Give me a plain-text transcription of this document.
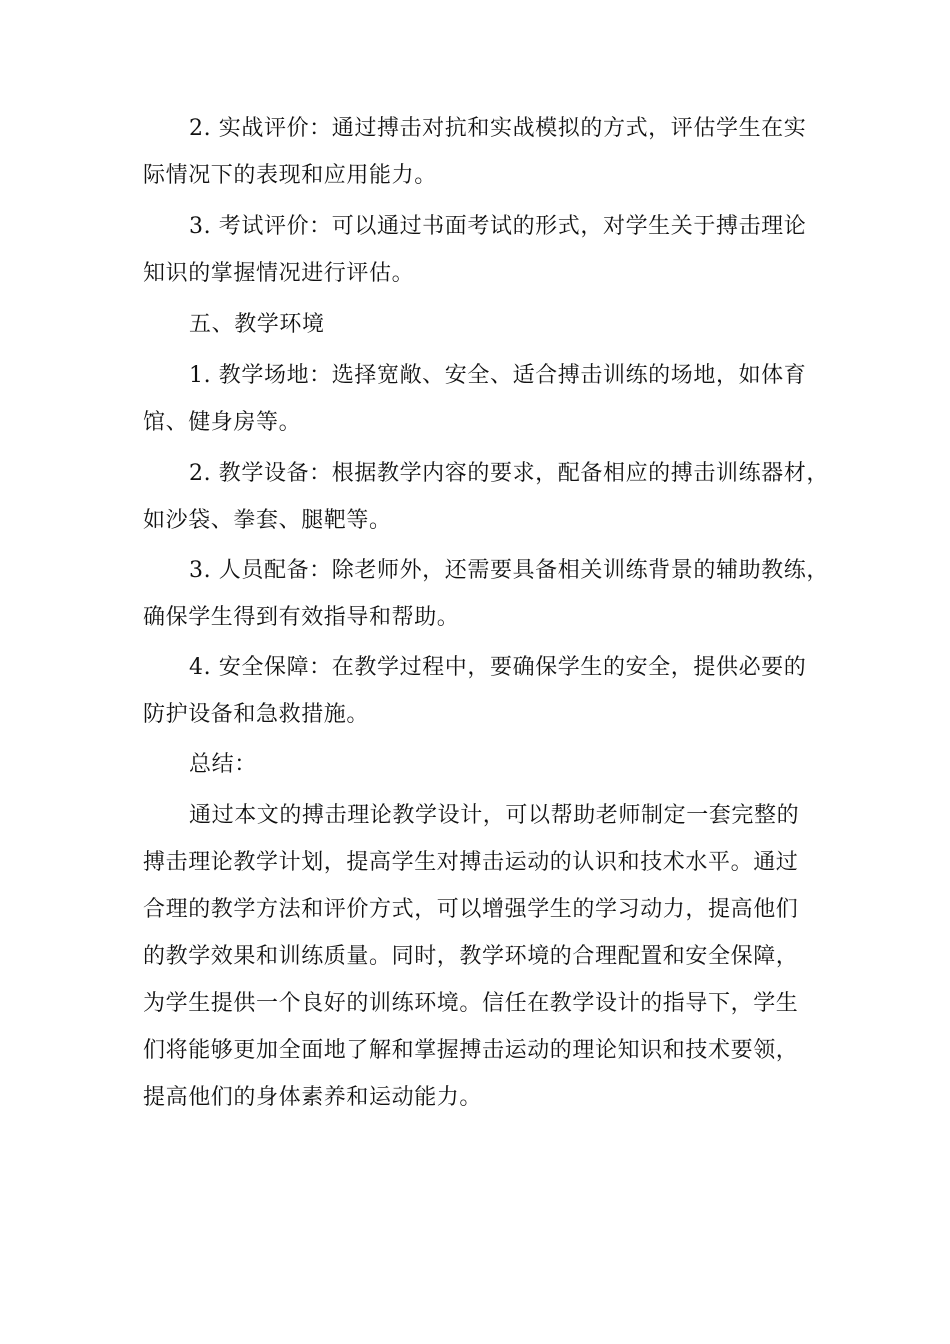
2. 实战评价：通过搏击对抗和实战模拟的方式，评估学生在实
际情况下的表现和应用能力。

3. 考试评价：可以通过书面考试的形式，对学生关于搏击理论
知识的掌握情况进行评估。

五、教学环境

1. 教学场地：选择宽敞、安全、适合搏击训练的场地，如体育
馆、健身房等。

2. 教学设备：根据教学内容的要求，配备相应的搏击训练器材，
如沙袋、拳套、腿靶等。

3. 人员配备：除老师外，还需要具备相关训练背景的辅助教练，
确保学生得到有效指导和帮助。

4. 安全保障：在教学过程中，要确保学生的安全，提供必要的
防护设备和急救措施。

总结：

通过本文的搏击理论教学设计，可以帮助老师制定一套完整的
搏击理论教学计划，提高学生对搏击运动的认识和技术水平。通过
合理的教学方法和评价方式，可以增强学生的学习动力，提高他们
的教学效果和训练质量。同时，教学环境的合理配置和安全保障，
为学生提供一个良好的训练环境。信任在教学设计的指导下，学生
们将能够更加全面地了解和掌握搏击运动的理论知识和技术要领，
提高他们的身体素养和运动能力。
